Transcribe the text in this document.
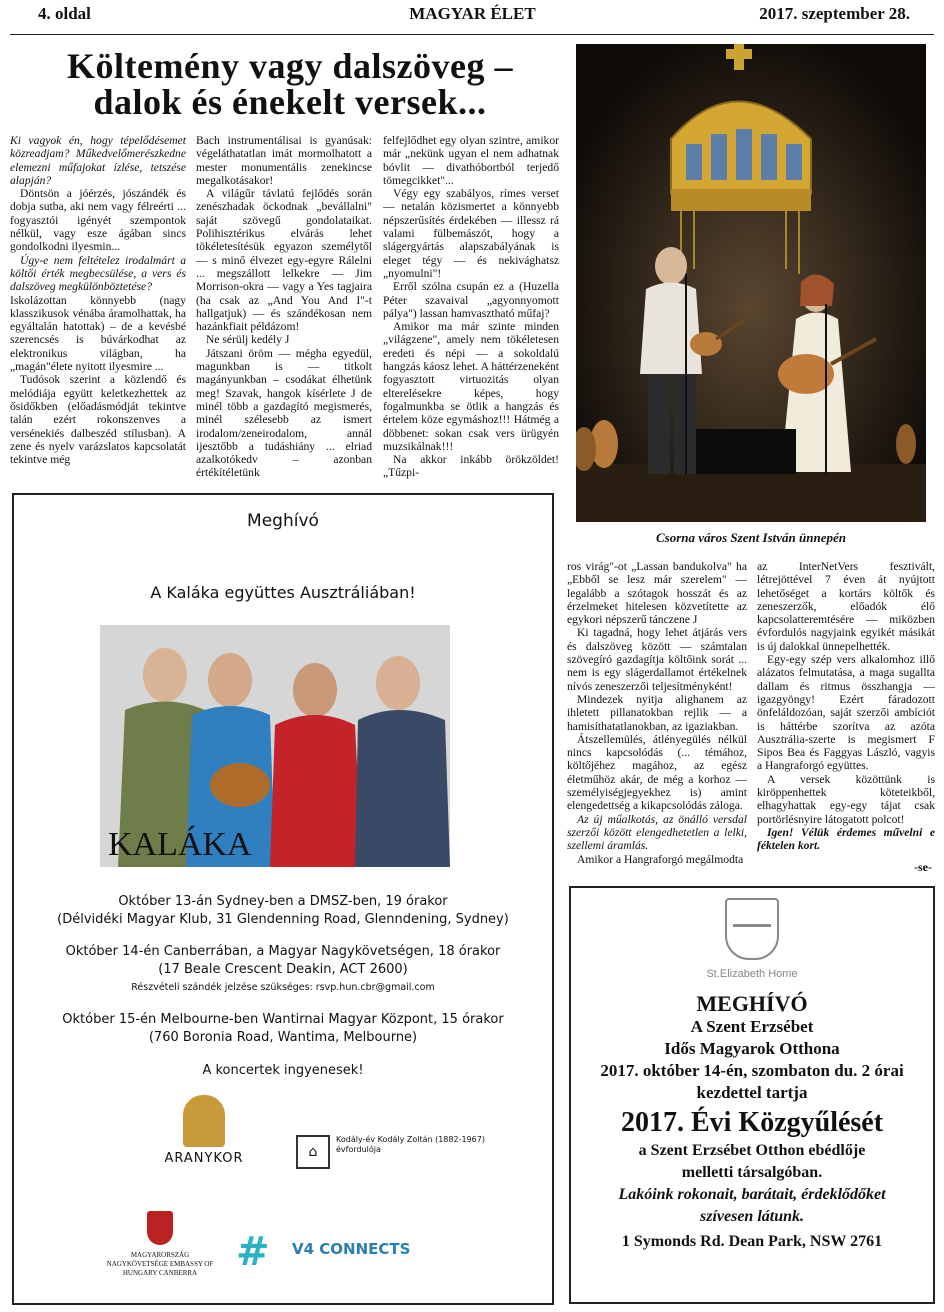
4. oldal	MAGYAR ÉLET	2017. szeptember 28.
Költemény vagy dalszöveg –
dalok és énekelt versek...

Ki vagyok én, hogy tépelődésemet közreadjam? Műkedvelőmerészkedne elemezni műfajokat ízlése, tetszése alapján?

Döntsön a jóérzés, jószándék és dobja sutba, aki nem vagy félreérti ... fogyasztói igényét szempontok nélkül, vagy esze ágában sincs gondolkodni ilyesmin...

Úgy-e nem feltételez irodalmárt a költői érték megbecsülése, a vers és dalszöveg megkülönböztetése?

Iskolázottan könnyebb (nagy klasszikusok vénába áramolhattak, ha egyáltalán hatottak) – de a kevésbé szerencsés is búvárkodhat az elektronikus világban, ha „magán"élete nyitott ilyesmire ...

Tudósok szerint a közlendő és melódiája együtt keletkezhettek az ősidőkben (előadásmódját tekintve talán ezért rokonszenves a versénekiés dalbeszéd stílusban). A zene és nyelv varázslatos kapcsolatát tekintve még

Bach instrumentálisai is gyanúsak: végeláthatatlan imát mormolhatott a mester monumentális zenekincse megalkotásakor!

A világűr távlatú fejlődés során zenészhadak öckodnak „bevállalni" saját szövegű gondolataikat. Polihisztérikus elvárás lehet tökéletesítésük egyazon személytől — s minő élvezet egy-egyre Rálelni ... megszállott lelkekre — Jim Morrison-okra — vagy a Yes tagjaira (ha csak az „And You And I"-t hallgatjuk) — és szándékosan nem hazánkfiait példázom!

Ne sérülj kedély J

Játszani öröm — mégha egyedül, magunkban is — titkolt magányunkban – csodákat élhetünk meg! Szavak, hangok kísérlete J de minél több a gazdagító megismerés, minél szélesebb az ismert irodalom/zeneirodalom, annál ijesztőbb a tudáshiány ... elriad azalkotókedv – azonban értékítéletünk

felfejlődhet egy olyan szintre, amikor már „nekünk ugyan el nem adhatnak bóvlit — divathóbortból terjedő tömegcikket"...

Végy egy szabályos, rímes verset — netalán közismertet a könnyebb népszerűsítés érdekében — illessz rá valami fülbemászót, hogy a slágergyártás alapszabályának is eleget tégy — és nekivághatsz „nyomulni"!

Erről szólna csupán ez a (Huzella Péter szavaival „agyonnyomott pálya") lassan hamvasztható műfaj?

Amikor ma már szinte minden „világzene", amely nem tökéletesen eredeti és népi — a sokoldalú hangzás káosz lehet. A háttérzeneként fogyasztott virtuozitás olyan elterelésekre képes, hogy fogalmunkba se ötlik a hangzás és értelem köze egymáshoz!!! Hátmég a döbbenet: sokan csak vers ürügyén muzsikálnak!!!

Na akkor inkább örökzöldet! „Tűzpi-

Csorna város Szent István ünnepén

ros virág"-ot „Lassan bandukolva" ha „Ebből se lesz már szerelem" — legalább a szótagok hosszát és az érzelmeket hitelesen közvetítette az egykori népszerű tánczene J

Ki tagadná, hogy lehet átjárás vers és dalszöveg között — számtalan szövegíró gazdagítja költőink sorát ... nem is egy slágerdallamot értékelnek nívós zeneszerzői teljesítményként!

Mindezek nyitja alighanem az ihletett pillanatokban rejlik — a hamisíthatatlanokban, az igaziakban.

Átszellemülés, átlényegülés nélkül nincs kapcsolódás (... témához, költőjéhez magához, az egész életműhöz akár, de még a korhoz — személyiségjegyekhez is) amint elengedettség a kikapcsolódás záloga.

Az új műalkotás, az önálló versdal szerzői között elengedhetetlen a lelki, szellemi áramlás.

Amikor a Hangraforgó megálmodta

az InterNetVers fesztivált, létrejöttével 7 éven át nyújtott lehetőséget a kortárs költők és zeneszerzők, előadók élő kapcsolatteremtésére — miközben évfordulós nagyjaink egyikét másikát is új dalokkal ünnepelhették.

Egy-egy szép vers alkalomhoz illő alázatos felmutatása, a maga sugallta dallam és ritmus összhangja — igazgyöngy! Ezért fáradozott önfeláldozóan, saját szerzői ambíciót is háttérbe szorítva az azóta Ausztrália-szerte is megismert F Sipos Bea és Faggyas László, vagyis a Hangraforgó együttes.

A versek közöttünk is kiröppenhettek köteteikből, elhagyhattak egy-egy tájat csak portörlésnyire látogatott polcot!

Igen! Vélük érdemes művelni e féktelen kort.

-se-
Meghívó
A Kaláka együttes Ausztráliában!
KALÁKA
Október 13-án Sydney-ben a DMSZ-ben, 19 órakor
(Délvidéki Magyar Klub, 31 Glendenning Road, Glenndening, Sydney)
Október 14-én Canberrában, a Magyar Nagykövetségen, 18 órakor
(17 Beale Crescent Deakin, ACT 2600)
Részvételi szándék jelzése szükséges: rsvp.hun.cbr@gmail.com
Október 15-én Melbourne-ben Wantirnai Magyar Központ, 15 órakor
(760 Boronia Road, Wantima, Melbourne)
A koncertek ingyenesek!
ARANYKOR	⌂
Kodály-év Kodály Zoltán (1882-1967) évfordulója
MAGYARORSZÁG NAGYKÖVETSÉGE EMBASSY OF HUNGARY CANBERRA #	V4 CONNECTS
St.Elizabeth Home
MEGHÍVÓ
A Szent Erzsébet
Idős Magyarok Otthona
2017. október 14-én, szombaton du. 2 órai
kezdettel tartja
2017. Évi Közgyűlését
a Szent Erzsébet Otthon ebédlője
melletti társalgóban.
Lakóink rokonait, barátait, érdeklődőket
szívesen látunk.
1 Symonds Rd. Dean Park, NSW 2761
